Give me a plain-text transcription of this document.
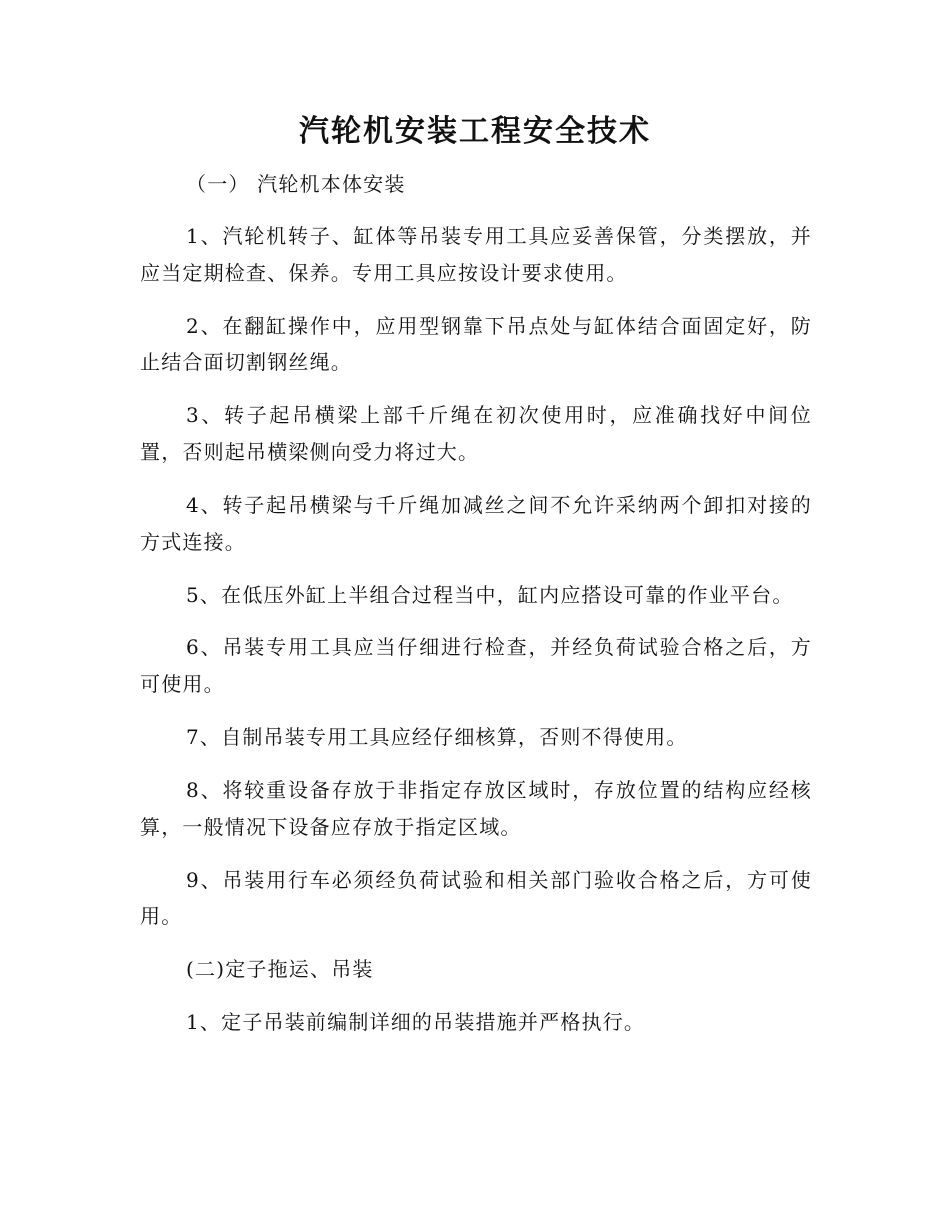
汽轮机安装工程安全技术
（一） 汽轮机本体安装
1、汽轮机转子、缸体等吊装专用工具应妥善保管，分类摆放，并
应当定期检查、保养。专用工具应按设计要求使用。
2、在翻缸操作中，应用型钢靠下吊点处与缸体结合面固定好，防
止结合面切割钢丝绳。
3、转子起吊横梁上部千斤绳在初次使用时，应准确找好中间位
置，否则起吊横梁侧向受力将过大。
4、转子起吊横梁与千斤绳加减丝之间不允许采纳两个卸扣对接的
方式连接。
5、在低压外缸上半组合过程当中，缸内应搭设可靠的作业平台。
6、吊装专用工具应当仔细进行检查，并经负荷试验合格之后，方
可使用。
7、自制吊装专用工具应经仔细核算，否则不得使用。
8、将较重设备存放于非指定存放区域时，存放位置的结构应经核
算，一般情况下设备应存放于指定区域。
9、吊装用行车必须经负荷试验和相关部门验收合格之后，方可使
用。
(二)定子拖运、吊装
1、定子吊装前编制详细的吊装措施并严格执行。
